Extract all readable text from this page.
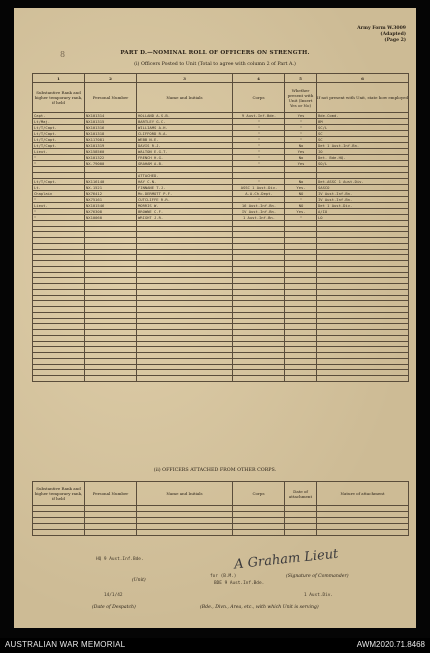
Army Form W.3009
(Adapted)
(Page 2)
8	PART D.—NOMINAL ROLL OF OFFICERS ON STRENGTH.
(i) Officers Posted to Unit (Total to agree with column 2 of Part A.)
1	2	3	4	5	6
Substantive Rank and higher temporary rank, if held	Personal Number	Name and Initials	Corps	Whether present with Unit (Insert Yes or No)	If not present with Unit, state how employed
Capt.	NX101314	HOLLAND A.S.B.	9 Aust.Inf.Bde.	Yes	Bde.Comd.
Lt/Maj.	NX101315	BARTLEY G.C.	"	"	BM
Lt/T/Capt.	NX101316	WILLIAMS A.H.	"	"	SC/L
Lt/T/Capt.	NX101318	CLIFFORD R.A.	"	"	SC
Lt/T/Capt.	NX117081	WEBB N.E.	"	"	SC
Lt/T/Capt.	NX101319	DAVIS R.J.	"	No	Det 1 Aust.Inf.Bn.
Lieut.	NX158560	WALTON E.G.T.	"	Yes	IO
"	NX101322	FRENCH H.G.	"	No	Det. Bde.HQ.
"	NX.79000	GRAHAM A.B.	"	Yes	SO/L

		ATTACHED.			
Lt/T/Capt.	NX116140	HAY C.N.	"	No	Det.ASSC 1 Aust.Div.
Lt.	NX.1521	FINNANE T.J.	ASSC 1 Aust.Div.	Yes.	SASCO
Chaplain	NX76412	Mc.DERMOTT P.F.	A.A.Ch.Dept.	NO	IV Aust.Inf.Bn.
"	NX75161	CUTCLIFFE R.R.	"	"	IV Aust.Inf.Bn.
Lieut.	NX101546	MORRIS W.	16 Aust.Inf.Bn.	NO	Det 1 Aust.Div.
"	NX76308	BROWNE C.F.	IV Aust.Inf.Bn.	Yes.	A/IO
"	NX10060	WRIGHT J.R.	1 Aust.Inf.Bn.	"	LO

(ii) OFFICERS ATTACHED FROM OTHER CORPS.
Substantive Rank and higher temporary rank, if held	Personal Number	Name and Initials	Corps	Date of attachment	Nature of attachment

HQ 9 Aust.Inf.Bde.
(Unit)
A Graham Lieut
for (B.M.)	(Signature of Commander)
BDE 9 Aust.Inf.Bde.
14/1/42
(Date of Despatch)
1 Aust.Div.
(Bde., Divn., Area, etc., with which Unit is serving)
AUSTRALIAN WAR MEMORIAL	AWM2020.71.8468
